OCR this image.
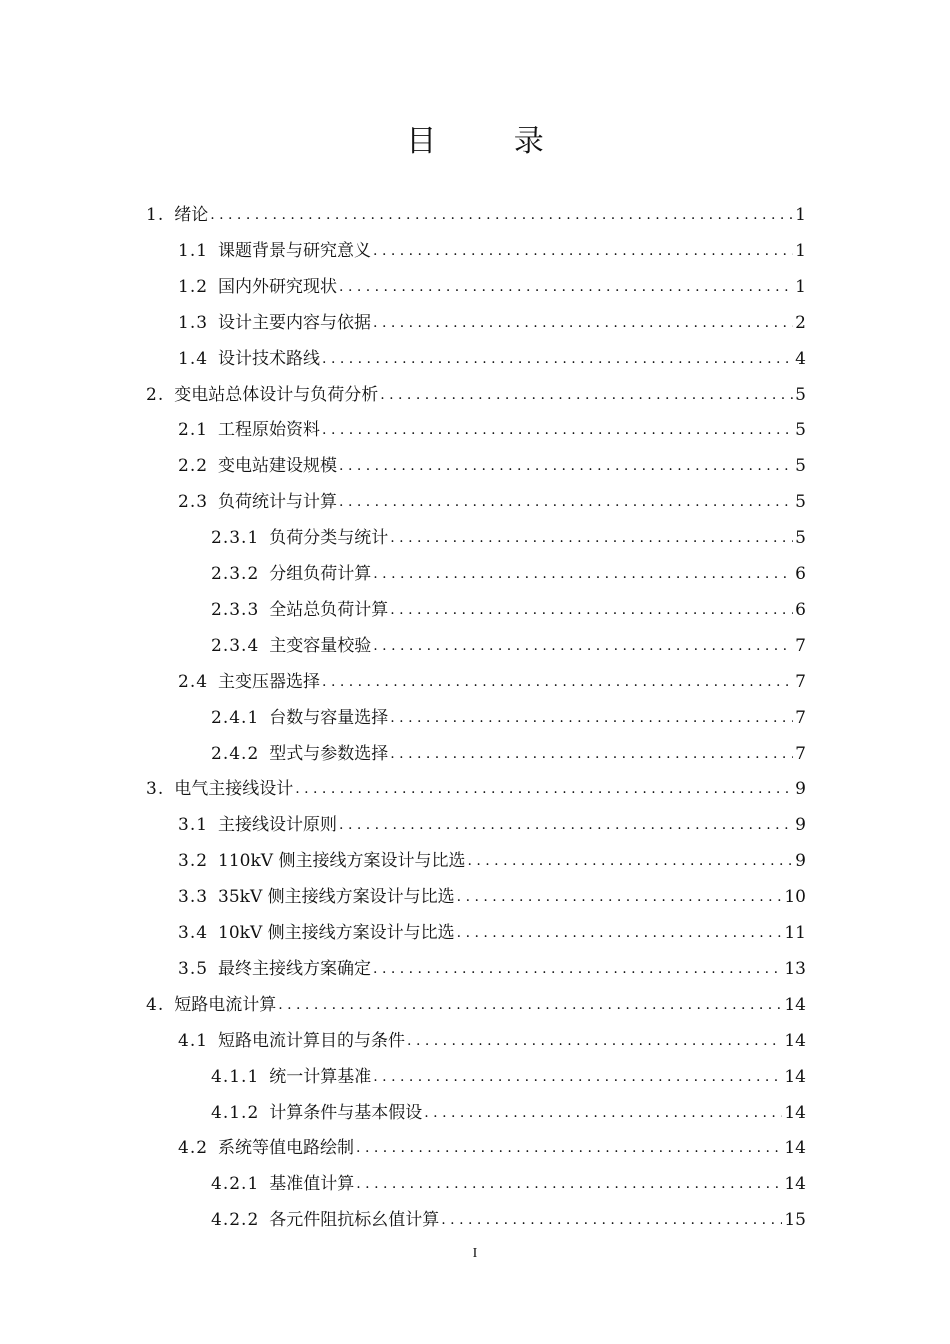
目 录
1. 绪论 . . .	1
1.1 课题背景与研究意义 . . .	1
1.2 国内外研究现状 . . .	1
1.3 设计主要内容与依据 . . .	2
1.4 设计技术路线 . . .	4
2. 变电站总体设计与负荷分析 . . .	5
2.1 工程原始资料 . . .	5
2.2 变电站建设规模 . . .	5
2.3 负荷统计与计算 . . .	5
2.3.1 负荷分类与统计 . . .	5
2.3.2 分组负荷计算 . . .	6
2.3.3 全站总负荷计算 . . .	6
2.3.4 主变容量校验 . . .	7
2.4 主变压器选择 . . .	7
2.4.1 台数与容量选择 . . .	7
2.4.2 型式与参数选择 . . .	7
3. 电气主接线设计 . . .	9
3.1 主接线设计原则 . . .	9
3.2 110kV 侧主接线方案设计与比选 . . .	9
3.3 35kV 侧主接线方案设计与比选 . . .	10
3.4 10kV 侧主接线方案设计与比选 . . .	11
3.5 最终主接线方案确定 . . .	13
4. 短路电流计算 . . .	14
4.1 短路电流计算目的与条件 . . .	14
4.1.1 统一计算基准 . . .	14
4.1.2 计算条件与基本假设 . . .	14
4.2 系统等值电路绘制 . . .	14
4.2.1 基准值计算 . . .	14
4.2.2 各元件阻抗标幺值计算 . . .	15
I
